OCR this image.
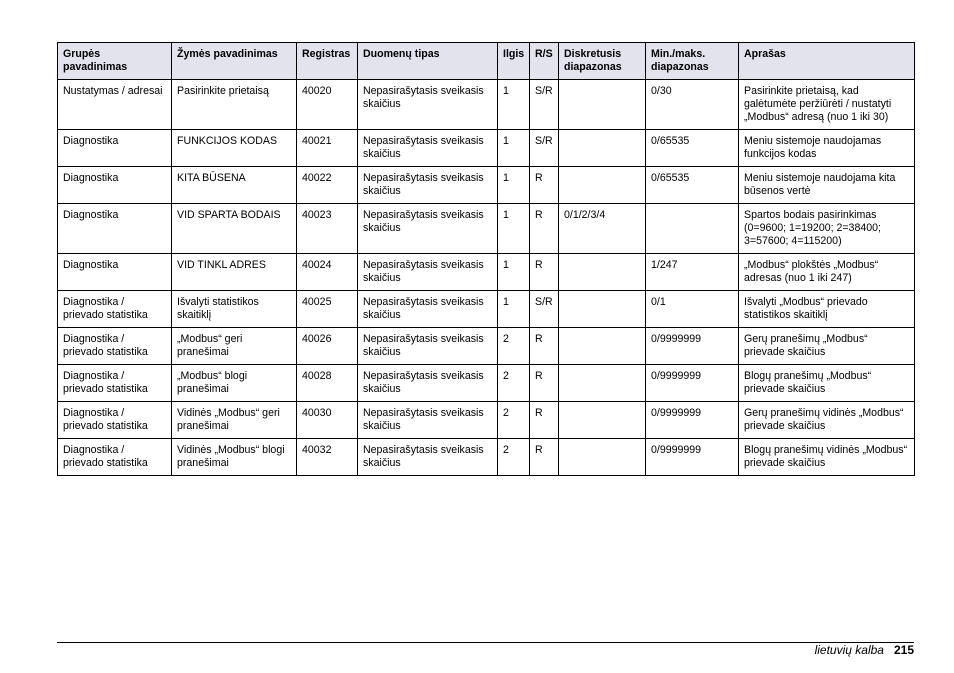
Grupės pavadinimas	Žymės pavadinimas	Registras	Duomenų tipas	Ilgis	R/S	Diskretusis diapazonas	Min./maks. diapazonas	Aprašas
Nustatymas / adresai	Pasirinkite prietaisą	40020	Nepasirašytasis sveikasis skaičius	1	S/R		0/30	Pasirinkite prietaisą, kad galėtumėte peržiūrėti / nustatyti „Modbus“ adresą (nuo 1 iki 30)
Diagnostika	FUNKCIJOS KODAS	40021	Nepasirašytasis sveikasis skaičius	1	S/R		0/65535	Meniu sistemoje naudojamas funkcijos kodas
Diagnostika	KITA BŪSENA	40022	Nepasirašytasis sveikasis skaičius	1	R		0/65535	Meniu sistemoje naudojama kita būsenos vertė
Diagnostika	VID SPARTA BODAIS	40023	Nepasirašytasis sveikasis skaičius	1	R	0/1/2/3/4		Spartos bodais pasirinkimas (0=9600; 1=19200; 2=38400; 3=57600; 4=115200)
Diagnostika	VID TINKL ADRES	40024	Nepasirašytasis sveikasis skaičius	1	R		1/247	„Modbus“ plokštės „Modbus“ adresas (nuo 1 iki 247)
Diagnostika / prievado statistika	Išvalyti statistikos skaitiklį	40025	Nepasirašytasis sveikasis skaičius	1	S/R		0/1	Išvalyti „Modbus“ prievado statistikos skaitiklį
Diagnostika / prievado statistika	„Modbus“ geri pranešimai	40026	Nepasirašytasis sveikasis skaičius	2	R		0/9999999	Gerų pranešimų „Modbus“ prievade skaičius
Diagnostika / prievado statistika	„Modbus“ blogi pranešimai	40028	Nepasirašytasis sveikasis skaičius	2	R		0/9999999	Blogų pranešimų „Modbus“ prievade skaičius
Diagnostika / prievado statistika	Vidinės „Modbus“ geri pranešimai	40030	Nepasirašytasis sveikasis skaičius	2	R		0/9999999	Gerų pranešimų vidinės „Modbus“ prievade skaičius
Diagnostika / prievado statistika	Vidinės „Modbus“ blogi pranešimai	40032	Nepasirašytasis sveikasis skaičius	2	R		0/9999999	Blogų pranešimų vidinės „Modbus“ prievade skaičius
lietuvių kalba 215
